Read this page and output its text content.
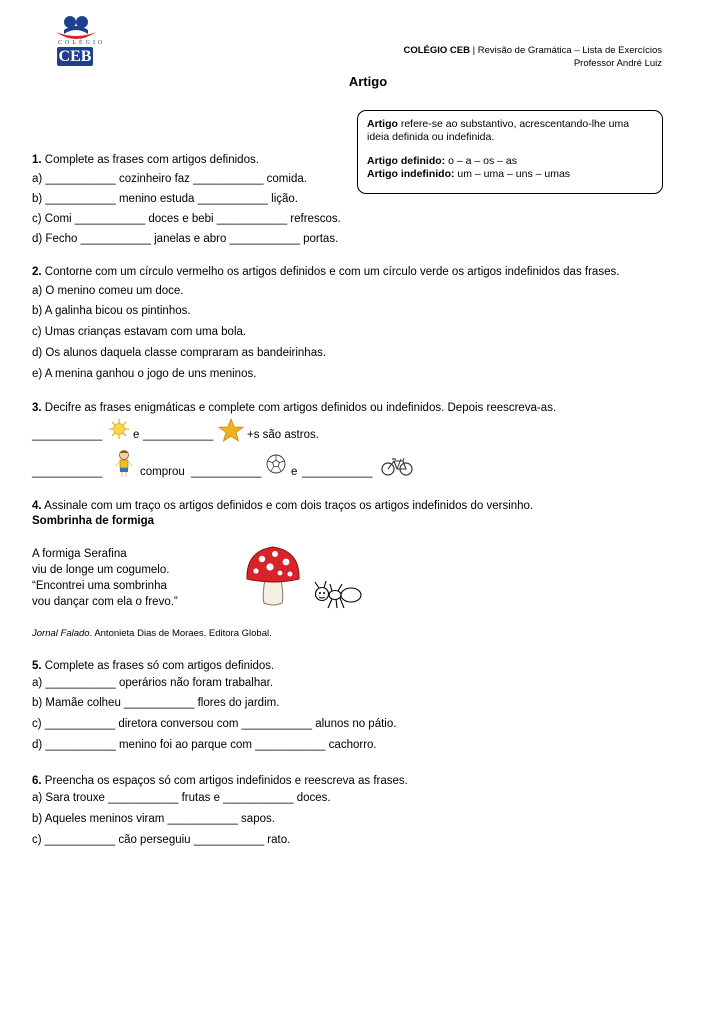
COLÉGIO
CEB	COLÉGIO CEB | Revisão de Gramática – Lista de Exercícios
Professor André Luiz
Artigo
Artigo refere-se ao substantivo, acrescentando-lhe uma
ideia definida ou indefinida.
Artigo definido: o – a – os – as
Artigo indefinido: um – uma – uns – umas
1. Complete as frases com artigos definidos.
a) ___________ cozinheiro faz ___________ comida.
b) ___________ menino estuda ___________ lição.
c) Comi ___________ doces e bebi ___________ refrescos.
d) Fecho ___________ janelas e abro ___________ portas.
2. Contorne com um círculo vermelho os artigos definidos e com um círculo verde os artigos indefinidos das frases.
a) O menino comeu um doce.
b) A galinha bicou os pintinhos.
c) Umas crianças estavam com uma bola.
d) Os alunos daquela classe compraram as bandeirinhas.
e) A menina ganhou o jogo de uns meninos.
3. Decifre as frases enigmáticas e complete com artigos definidos ou indefinidos. Depois reescreva-as.
___________	e ___________	+s são astros.
___________	comprou ___________	e ___________
4. Assinale com um traço os artigos definidos e com dois traços os artigos indefinidos do versinho.
Sombrinha de formiga
A formiga Serafina
viu de longe um cogumelo.
“Encontrei uma sombrinha
vou dançar com ela o frevo.”
Jornal Falado. Antonieta Dias de Moraes. Editora Global.
5. Complete as frases só com artigos definidos.
a) ___________ operários não foram trabalhar.
b) Mamãe colheu ___________ flores do jardim.
c) ___________ diretora conversou com ___________ alunos no pátio.
d) ___________ menino foi ao parque com ___________ cachorro.
6. Preencha os espaços só com artigos indefinidos e reescreva as frases.
a) Sara trouxe ___________ frutas e ___________ doces.
b) Aqueles meninos viram ___________ sapos.
c) ___________ cão perseguiu ___________ rato.
